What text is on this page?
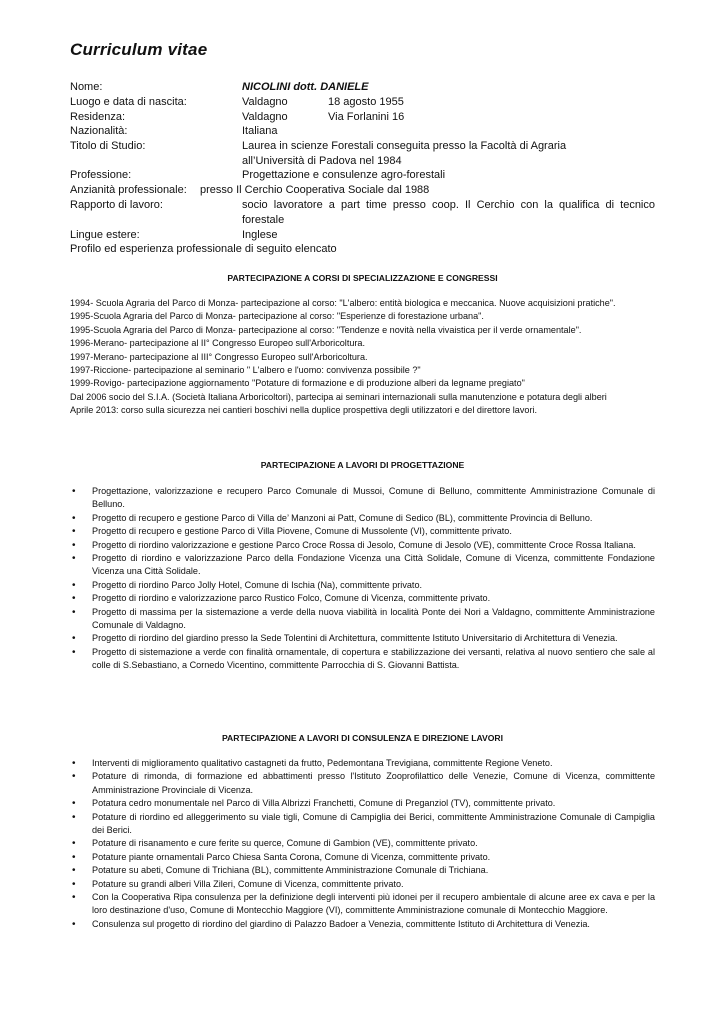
Curriculum vitae
Nome:	NICOLINI dott. DANIELE
Luogo e data di nascita:	Valdagno	18 agosto 1955
Residenza:	Valdagno	Via Forlanini 16
Nazionalità:	Italiana
Titolo di Studio:	Laurea in scienze Forestali conseguita presso la Facoltà di Agraria
all’Università di Padova nel 1984
Professione:	Progettazione e consulenze agro-forestali
Anzianità professionale: presso Il Cerchio Cooperativa Sociale dal 1988
Rapporto di lavoro:	socio lavoratore a part time presso coop. Il Cerchio con la qualifica di tecnico forestale
Lingue estere:	Inglese
Profilo ed esperienza professionale di seguito elencato
PARTECIPAZIONE A CORSI DI SPECIALIZZAZIONE E CONGRESSI

1994- Scuola Agraria del Parco di Monza- partecipazione al corso: "L'albero: entità biologica e meccanica. Nuove acquisizioni pratiche".

1995-Scuola Agraria del Parco di Monza- partecipazione al corso: "Esperienze di forestazione urbana".

1995-Scuola Agraria del Parco di Monza- partecipazione al corso: "Tendenze e novità nella vivaistica per il verde ornamentale".

1996-Merano- partecipazione al II° Congresso Europeo sull'Arboricoltura.

1997-Merano- partecipazione al III° Congresso Europeo sull'Arboricoltura.

1997-Riccione- partecipazione al seminario " L'albero e l'uomo: convivenza possibile ?"

1999-Rovigo- partecipazione aggiornamento "Potature di formazione e di produzione alberi da legname pregiato"

Dal 2006 socio del S.I.A. (Società Italiana Arboricoltori), partecipa ai seminari internazionali sulla manutenzione e potatura degli alberi

Aprile 2013: corso sulla sicurezza nei cantieri boschivi nella duplice prospettiva degli utilizzatori e del direttore lavori.

PARTECIPAZIONE A LAVORI DI PROGETTAZIONE
• Progettazione, valorizzazione e recupero Parco Comunale di Mussoi, Comune di Belluno, committente Amministrazione Comunale di Belluno.
• Progetto di recupero e gestione Parco di Villa de’ Manzoni ai Patt, Comune di Sedico (BL), committente Provincia di Belluno.
• Progetto di recupero e gestione Parco di Villa Piovene, Comune di Mussolente (VI), committente privato.
• Progetto di riordino valorizzazione e gestione Parco Croce Rossa di Jesolo, Comune di Jesolo (VE), committente Croce Rossa Italiana.
• Progetto di riordino e valorizzazione Parco della Fondazione Vicenza una Città Solidale, Comune di Vicenza, committente Fondazione Vicenza una Città Solidale.
• Progetto di riordino Parco Jolly Hotel, Comune di Ischia (Na), committente privato.
• Progetto di riordino e valorizzazione parco Rustico Folco, Comune di Vicenza, committente privato.
• Progetto di massima per la sistemazione a verde della nuova viabilità in località Ponte dei Nori a Valdagno, committente Amministrazione Comunale di Valdagno.
• Progetto di riordino del giardino presso la Sede Tolentini di Architettura, committente Istituto Universitario di Architettura di Venezia.
• Progetto di sistemazione a verde con finalità ornamentale, di copertura e stabilizzazione dei versanti, relativa al nuovo sentiero che sale al colle di S.Sebastiano, a Cornedo Vicentino, committente Parrocchia di S. Giovanni Battista.
PARTECIPAZIONE A LAVORI DI CONSULENZA E DIREZIONE LAVORI
• Interventi di miglioramento qualitativo castagneti da frutto, Pedemontana Trevigiana, committente Regione Veneto.
• Potature di rimonda, di formazione ed abbattimenti presso l'Istituto Zooprofilattico delle Venezie, Comune di Vicenza, committente Amministrazione Provinciale di Vicenza.
• Potatura cedro monumentale nel Parco di Villa Albrizzi Franchetti, Comune di Preganziol (TV), committente privato.
• Potature di riordino ed alleggerimento su viale tigli, Comune di Campiglia dei Berici, committente Amministrazione Comunale di Campiglia dei Berici.
• Potature di risanamento e cure ferite su querce, Comune di Gambion (VE), committente privato.
• Potature piante ornamentali Parco Chiesa Santa Corona, Comune di Vicenza, committente privato.
• Potature su abeti, Comune di Trichiana (BL), committente Amministrazione Comunale di Trichiana.
• Potature su grandi alberi Villa Zileri, Comune di Vicenza, committente privato.
• Con la Cooperativa Ripa consulenza per la definizione degli interventi più idonei per il recupero ambientale di alcune aree ex cava e per la loro destinazione d'uso, Comune di Montecchio Maggiore (VI), committente Amministrazione comunale di Montecchio Maggiore.
• Consulenza sul progetto di riordino del giardino di Palazzo Badoer a Venezia, committente Istituto di Architettura di Venezia.
